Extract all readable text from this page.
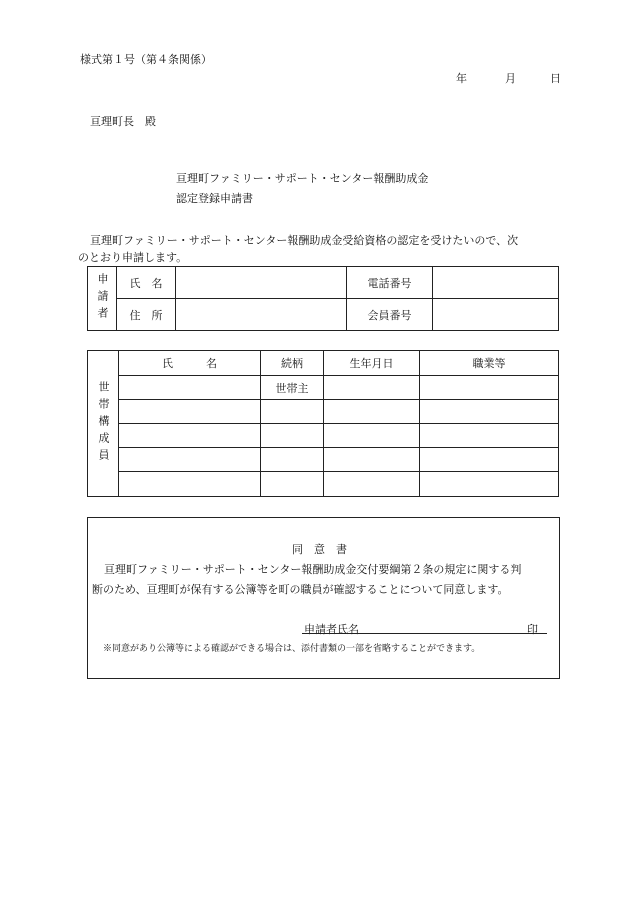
様式第１号（第４条関係）
年	月	日
亘理町長　殿
亘理町ファミリー・サポート・センター報酬助成金
認定登録申請書
亘理町ファミリー・サポート・センター報酬助成金受給資格の認定を受けたいので、次
のとおり申請します。
申請者	氏　名		電話番号	
	住　所		会員番号	
世帯構成員	氏　　　名	続柄	生年月日	職業等
		世帯主		

同　意　書
亘理町ファミリー・サポート・センター報酬助成金交付要綱第２条の規定に関する判
断のため、亘理町が保有する公簿等を町の職員が確認することについて同意します。
申請者氏名	印
※同意があり公簿等による確認ができる場合は、添付書類の一部を省略することができます。
